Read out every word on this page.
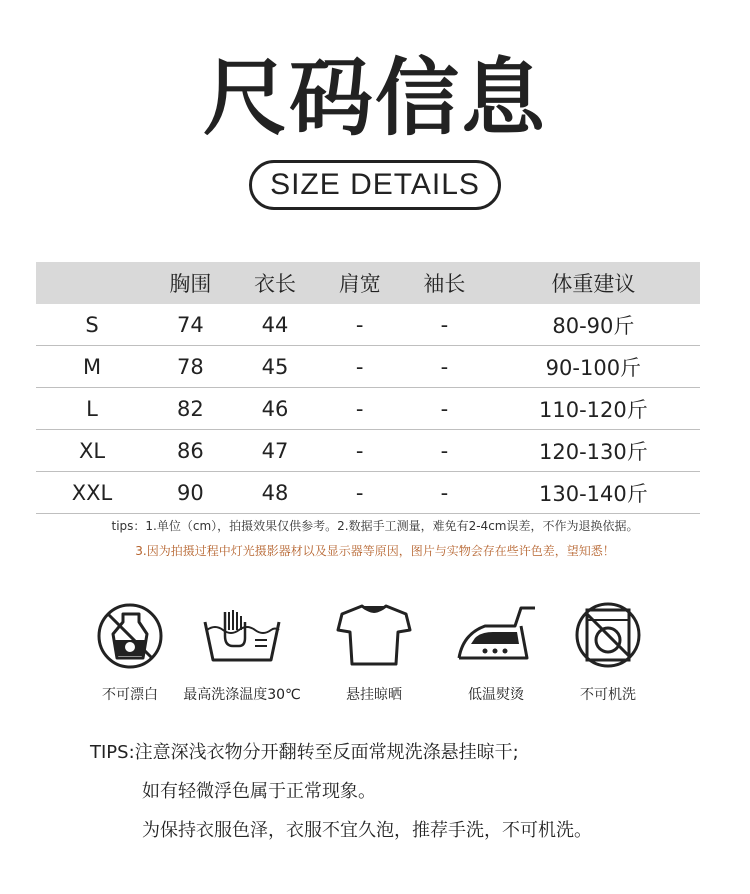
尺码信息
SIZE DETAILS
	胸围	衣长	肩宽	袖长	体重建议
S	74	44	-	-	80-90斤
M	78	45	-	-	90-100斤
L	82	46	-	-	110-120斤
XL	86	47	-	-	120-130斤
XXL	90	48	-	-	130-140斤
tips：1.单位（cm），拍摄效果仅供参考。2.数据手工测量，难免有2-4cm误差，不作为退换依据。
3.因为拍摄过程中灯光摄影器材以及显示器等原因，图片与实物会存在些许色差，望知悉！
不可漂白	最高洗涤温度30℃	悬挂晾晒	低温熨烫	不可机洗
TIPS:注意深浅衣物分开翻转至反面常规洗涤悬挂晾干;
如有轻微浮色属于正常现象。
为保持衣服色泽，衣服不宜久泡，推荐手洗，不可机洗。
